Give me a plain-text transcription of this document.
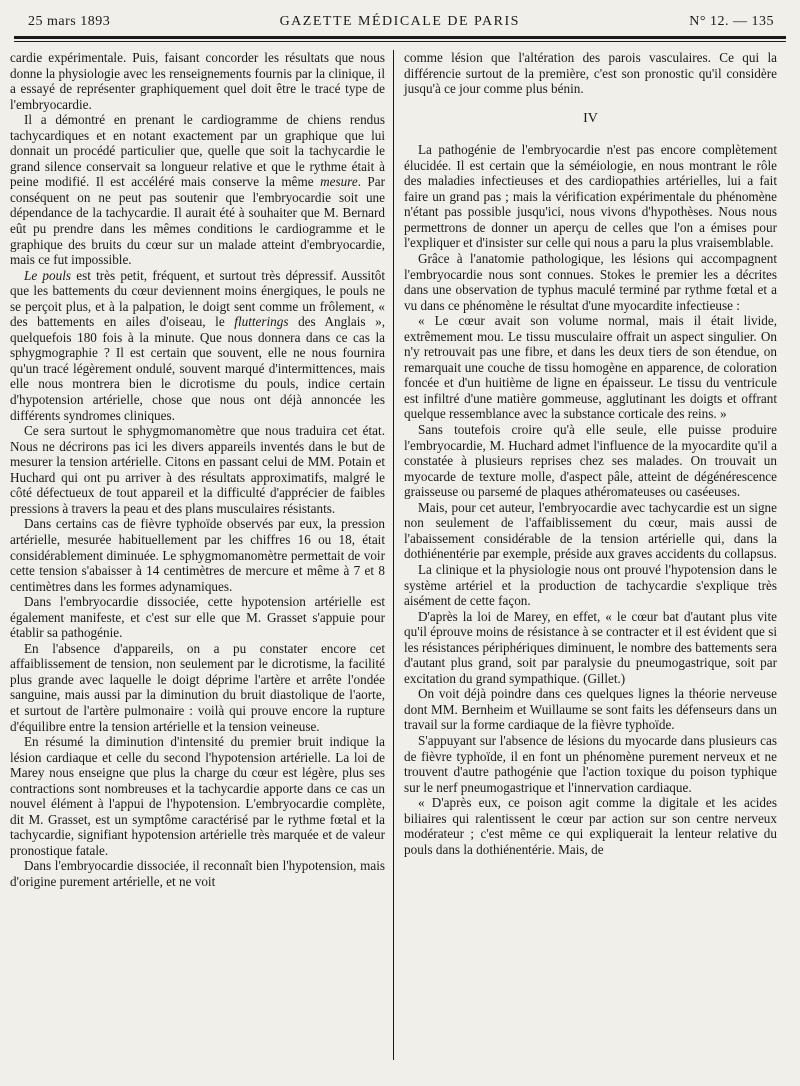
25 mars 1893	GAZETTE MÉDICALE DE PARIS	N° 12. — 135

cardie expérimentale. Puis, faisant concorder les résultats que nous donne la physiologie avec les renseignements fournis par la clinique, il a essayé de représenter graphiquement quel doit être le tracé type de l'embryocardie.

Il a démontré en prenant le cardiogramme de chiens rendus tachycardiques et en notant exactement par un graphique que lui donnait un procédé particulier que, quelle que soit la tachycardie le grand silence conservait sa longueur relative et que le rythme était à peine modifié. Il est accéléré mais conserve la même mesure. Par conséquent on ne peut pas soutenir que l'embryocardie soit une dépendance de la tachycardie. Il aurait été à souhaiter que M. Bernard eût pu prendre dans les mêmes conditions le cardiogramme et le graphique des bruits du cœur sur un malade atteint d'embryocardie, mais ce fut impossible.

Le pouls est très petit, fréquent, et surtout très dépressif. Aussitôt que les battements du cœur deviennent moins énergiques, le pouls ne se perçoit plus, et à la palpation, le doigt sent comme un frôlement, « des battements en ailes d'oiseau, le flutterings des Anglais », quelquefois 180 fois à la minute. Que nous donnera dans ce cas la sphygmographie ? Il est certain que souvent, elle ne nous fournira qu'un tracé légèrement ondulé, souvent marqué d'intermittences, mais elle nous montrera bien le dicrotisme du pouls, indice certain d'hypotension artérielle, chose que nous ont déjà annoncée les différents syndromes cliniques.

Ce sera surtout le sphygmomanomètre que nous traduira cet état. Nous ne décrirons pas ici les divers appareils inventés dans le but de mesurer la tension artérielle. Citons en passant celui de MM. Potain et Huchard qui ont pu arriver à des résultats approximatifs, malgré le côté défectueux de tout appareil et la difficulté d'apprécier de faibles pressions à travers la peau et des plans musculaires résistants.

Dans certains cas de fièvre typhoïde observés par eux, la pression artérielle, mesurée habituellement par les chiffres 16 ou 18, était considérablement diminuée. Le sphygmomanomètre permettait de voir cette tension s'abaisser à 14 centimètres de mercure et même à 7 et 8 centimètres dans les formes adynamiques.

Dans l'embryocardie dissociée, cette hypotension artérielle est également manifeste, et c'est sur elle que M. Grasset s'appuie pour établir sa pathogénie.

En l'absence d'appareils, on a pu constater encore cet affaiblissement de tension, non seulement par le dicrotisme, la facilité plus grande avec laquelle le doigt déprime l'artère et arrête l'ondée sanguine, mais aussi par la diminution du bruit diastolique de l'aorte, et surtout de l'artère pulmonaire : voilà qui prouve encore la rupture d'équilibre entre la tension artérielle et la tension veineuse.

En résumé la diminution d'intensité du premier bruit indique la lésion cardiaque et celle du second l'hypotension artérielle. La loi de Marey nous enseigne que plus la charge du cœur est légère, plus ses contractions sont nombreuses et la tachycardie apporte dans ce cas un nouvel élément à l'appui de l'hypotension. L'embryocardie complète, dit M. Grasset, est un symptôme caractérisé par le rythme fœtal et la tachycardie, signifiant hypotension artérielle très marquée et de valeur pronostique fatale.

Dans l'embryocardie dissociée, il reconnaît bien l'hypotension, mais d'origine purement artérielle, et ne voit

comme lésion que l'altération des parois vasculaires. Ce qui la différencie surtout de la première, c'est son pronostic qu'il considère jusqu'à ce jour comme plus bénin.

IV

La pathogénie de l'embryocardie n'est pas encore complètement élucidée. Il est certain que la séméiologie, en nous montrant le rôle des maladies infectieuses et des cardiopathies artérielles, lui a fait faire un grand pas ; mais la vérification expérimentale du phénomène n'étant pas possible jusqu'ici, nous vivons d'hypothèses. Nous nous permettrons de donner un aperçu de celles que l'on a émises pour l'expliquer et d'insister sur celle qui nous a paru la plus vraisemblable.

Grâce à l'anatomie pathologique, les lésions qui accompagnent l'embryocardie nous sont connues. Stokes le premier les a décrites dans une observation de typhus maculé terminé par rythme fœtal et a vu dans ce phénomène le résultat d'une myocardite infectieuse :

« Le cœur avait son volume normal, mais il était livide, extrêmement mou. Le tissu musculaire offrait un aspect singulier. On n'y retrouvait pas une fibre, et dans les deux tiers de son étendue, on remarquait une couche de tissu homogène en apparence, de coloration foncée et d'un huitième de ligne en épaisseur. Le tissu du ventricule est infiltré d'une matière gommeuse, agglutinant les doigts et offrant quelque ressemblance avec la substance corticale des reins. »

Sans toutefois croire qu'à elle seule, elle puisse produire l'embryocardie, M. Huchard admet l'influence de la myocardite qu'il a constatée à plusieurs reprises chez ses malades. On trouvait un myocarde de texture molle, d'aspect pâle, atteint de dégénérescence graisseuse ou parsemé de plaques athéromateuses ou caséeuses.

Mais, pour cet auteur, l'embryocardie avec tachycardie est un signe non seulement de l'affaiblissement du cœur, mais aussi de l'abaissement considérable de la tension artérielle qui, dans la dothiénentérie par exemple, préside aux graves accidents du collapsus.

La clinique et la physiologie nous ont prouvé l'hypotension dans le système artériel et la production de tachycardie s'explique très aisément de cette façon.

D'après la loi de Marey, en effet, « le cœur bat d'autant plus vite qu'il éprouve moins de résistance à se contracter et il est évident que si les résistances périphériques diminuent, le nombre des battements sera d'autant plus grand, soit par paralysie du pneumogastrique, soit par excitation du grand sympathique. (Gillet.)

On voit déjà poindre dans ces quelques lignes la théorie nerveuse dont MM. Bernheim et Wuillaume se sont faits les défenseurs dans un travail sur la forme cardiaque de la fièvre typhoïde.

S'appuyant sur l'absence de lésions du myocarde dans plusieurs cas de fièvre typhoïde, il en font un phénomène purement nerveux et ne trouvent d'autre pathogénie que l'action toxique du poison typhique sur le nerf pneumogastrique et l'innervation cardiaque.

« D'après eux, ce poison agit comme la digitale et les acides biliaires qui ralentissent le cœur par action sur son centre nerveux modérateur ; c'est même ce qui expliquerait la lenteur relative du pouls dans la dothiénentérie. Mais, de
